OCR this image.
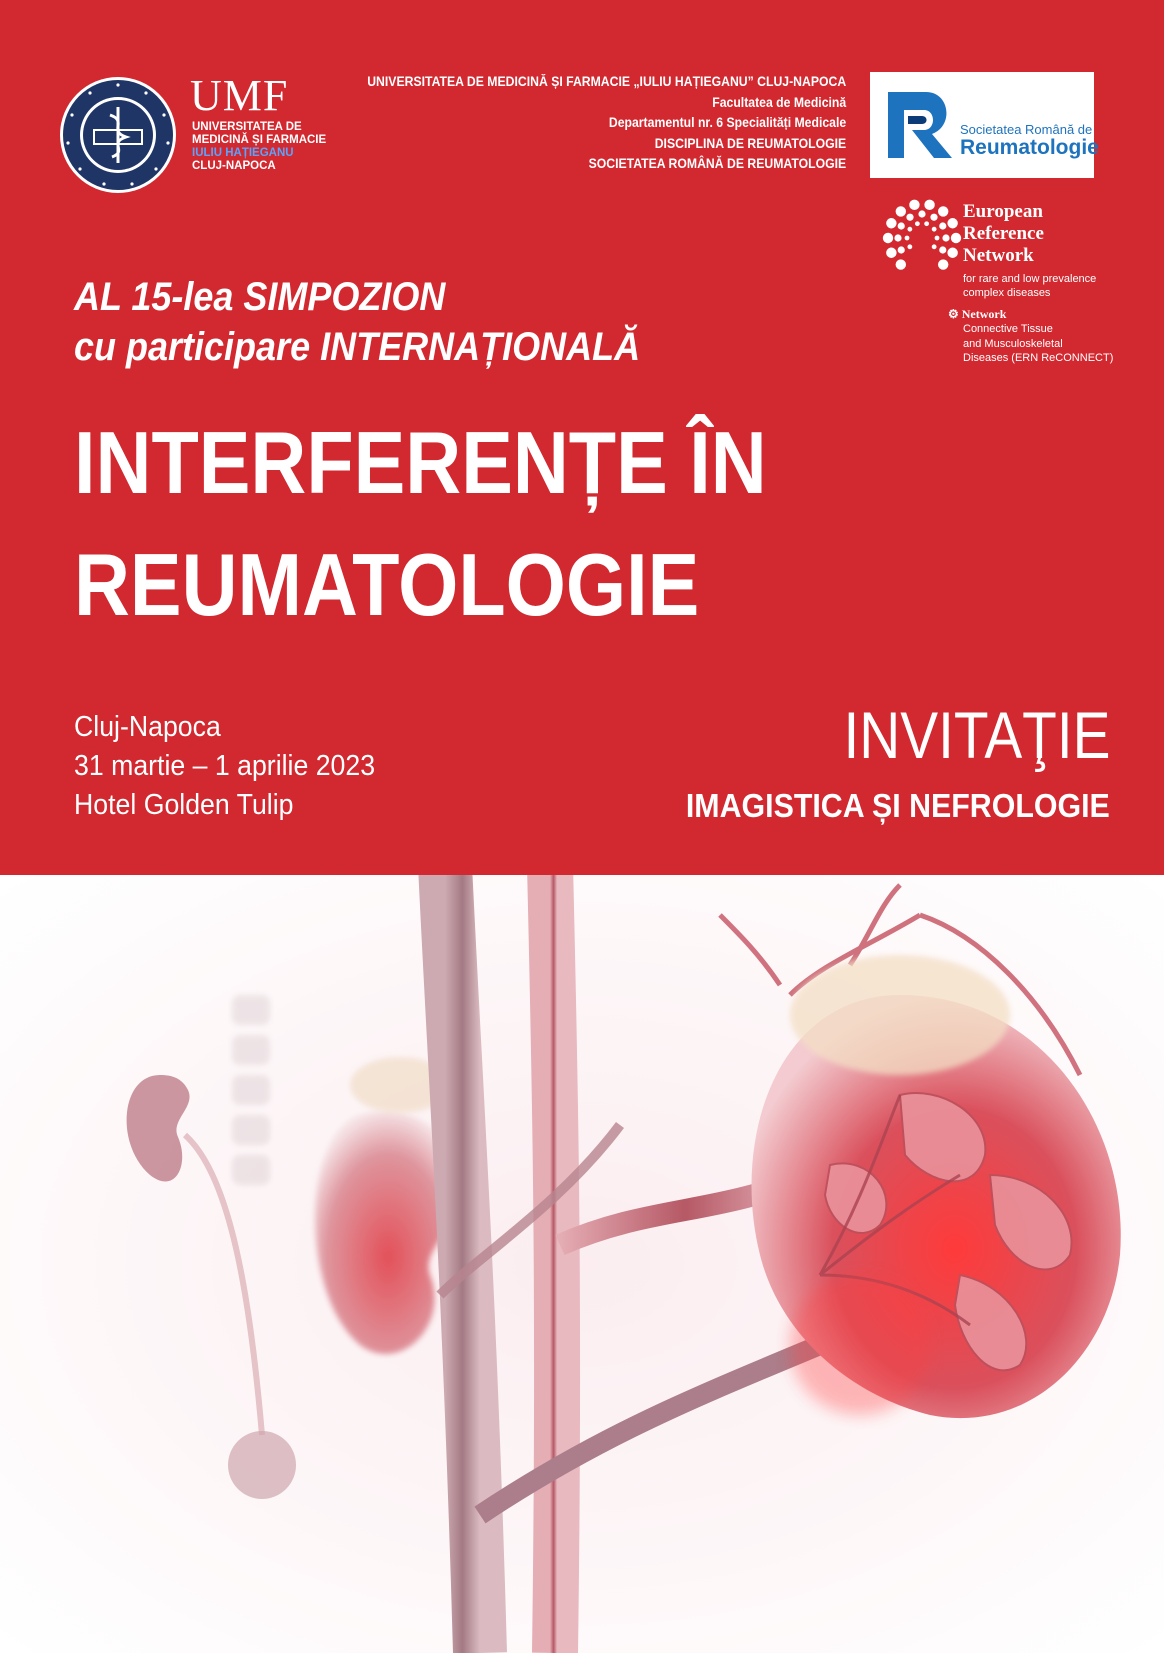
UMF
UNIVERSITATEA DE
MEDICINĂ ȘI FARMACIE
IULIU HAȚIEGANU
CLUJ-NAPOCA
UNIVERSITATEA DE MEDICINĂ ȘI FARMACIE „IULIU HAȚIEGANU” CLUJ-NAPOCA
Facultatea de Medicină
Departamentul nr. 6 Specialități Medicale
DISCIPLINA DE REUMATOLOGIE
SOCIETATEA ROMÂNĂ DE REUMATOLOGIE
Societatea Română de
Reumatologie
European
Reference
Network
for rare and low prevalence
complex diseases
⚙ Network
Connective Tissue
and Musculoskeletal
Diseases (ERN ReCONNECT)
AL 15-lea SIMPOZION
cu participare INTERNAȚIONALĂ
INTERFERENȚE ÎN
REUMATOLOGIE
Cluj-Napoca
31 martie – 1 aprilie 2023
Hotel Golden Tulip
INVITAŢIE
IMAGISTICA ȘI NEFROLOGIE
